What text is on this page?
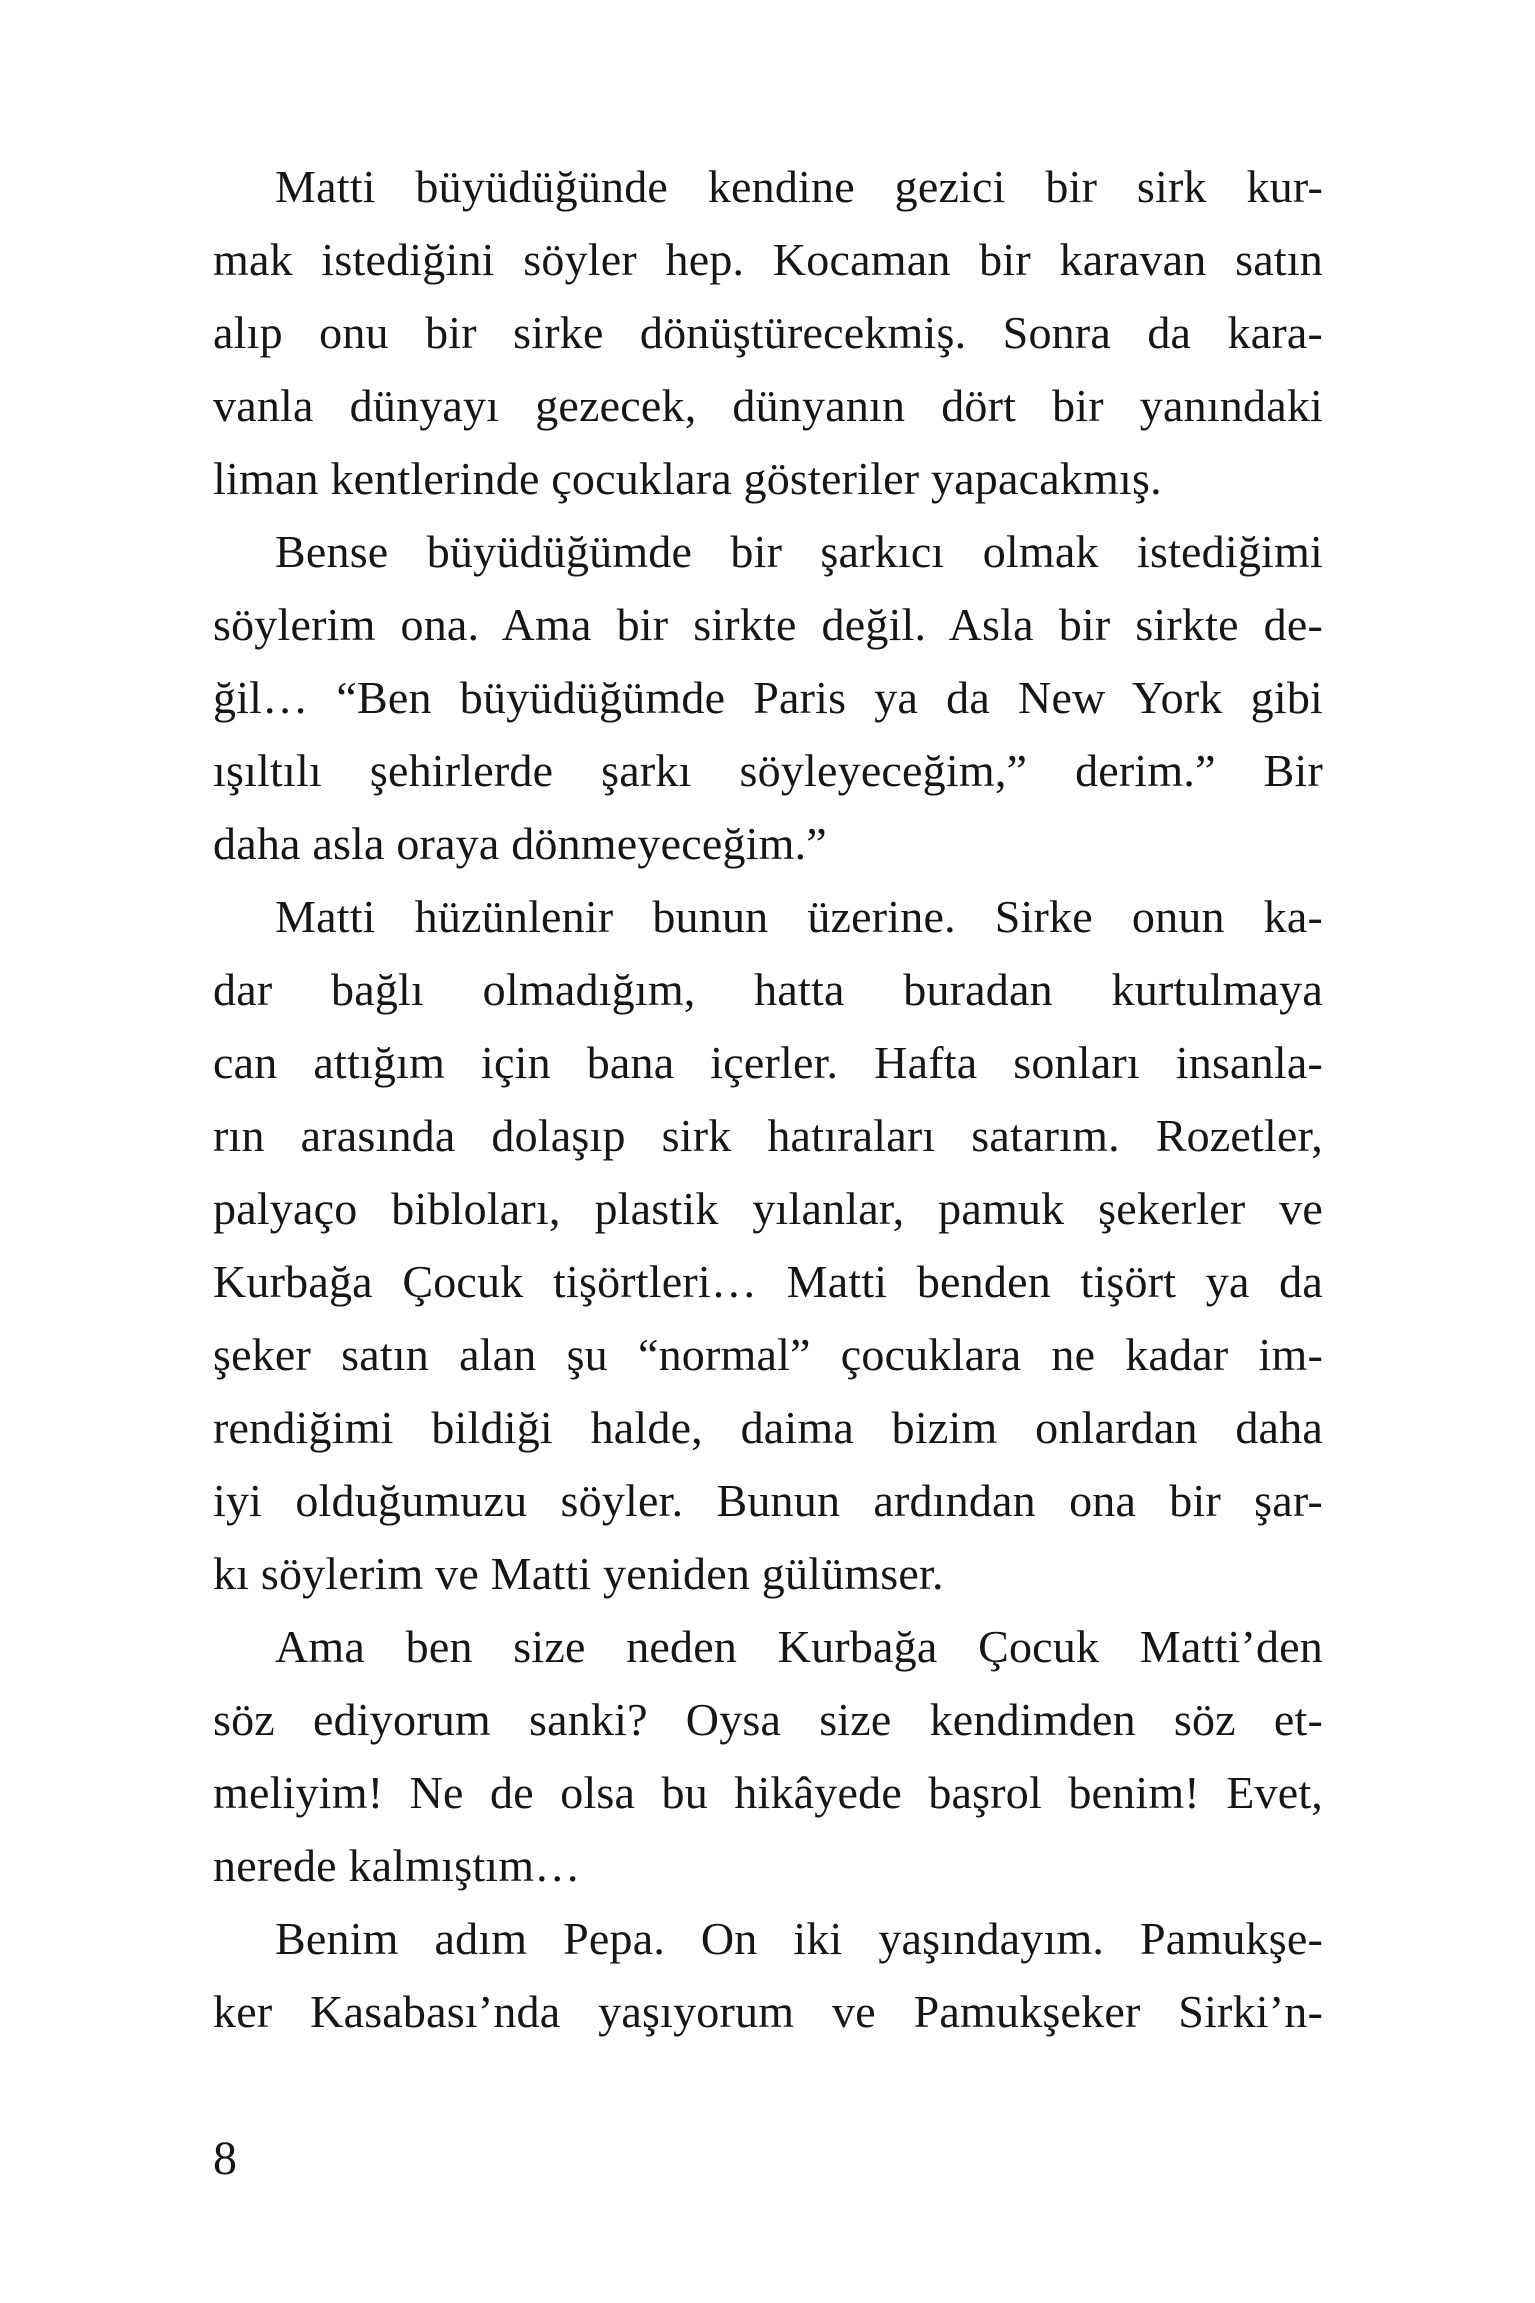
Matti büyüdüğünde kendine gezici bir sirk kur-
mak istediğini söyler hep. Kocaman bir karavan satın
alıp onu bir sirke dönüştürecekmiş. Sonra da kara-
vanla dünyayı gezecek, dünyanın dört bir yanındaki
liman kentlerinde çocuklara gösteriler yapacakmış.
Bense büyüdüğümde bir şarkıcı olmak istediğimi
söylerim ona. Ama bir sirkte değil. Asla bir sirkte de-
ğil… “Ben büyüdüğümde Paris ya da New York gibi
ışıltılı şehirlerde şarkı söyleyeceğim,” derim.” Bir
daha asla oraya dönmeyeceğim.”
Matti hüzünlenir bunun üzerine. Sirke onun ka-
dar bağlı olmadığım, hatta buradan kurtulmaya
can attığım için bana içerler. Hafta sonları insanla-
rın arasında dolaşıp sirk hatıraları satarım. Rozetler,
palyaço bibloları, plastik yılanlar, pamuk şekerler ve
Kurbağa Çocuk tişörtleri… Matti benden tişört ya da
şeker satın alan şu “normal” çocuklara ne kadar im-
rendiğimi bildiği halde, daima bizim onlardan daha
iyi olduğumuzu söyler. Bunun ardından ona bir şar-
kı söylerim ve Matti yeniden gülümser.
Ama ben size neden Kurbağa Çocuk Matti’den
söz ediyorum sanki? Oysa size kendimden söz et-
meliyim! Ne de olsa bu hikâyede başrol benim! Evet,
nerede kalmıştım…
Benim adım Pepa. On iki yaşındayım. Pamukşe-
ker Kasabası’nda yaşıyorum ve Pamukşeker Sirki’n-
8
